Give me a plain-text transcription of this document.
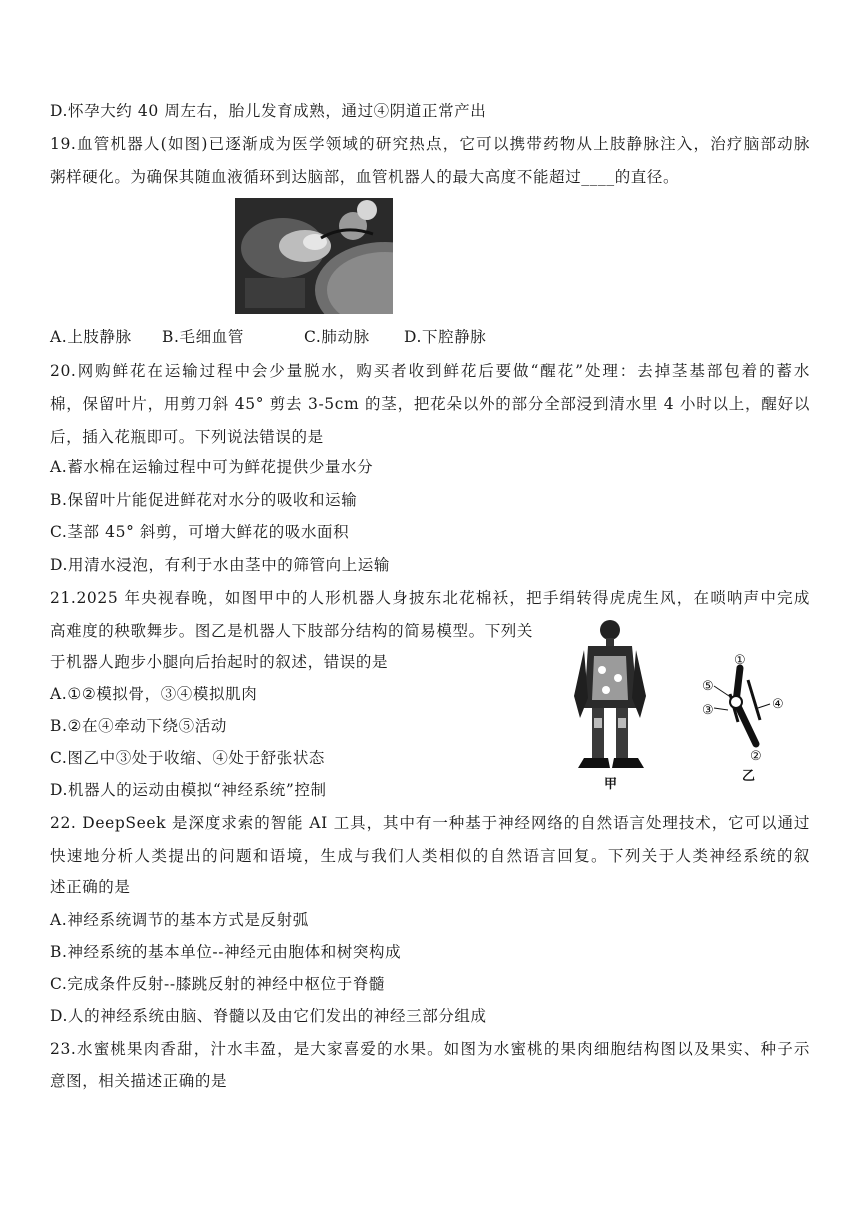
D.怀孕大约 40 周左右，胎儿发育成熟，通过④阴道正常产出
19.血管机器人(如图)已逐渐成为医学领域的研究热点，它可以携带药物从上肢静脉注入，治疗脑部动脉
粥样硬化。为确保其随血液循环到达脑部，血管机器人的最大高度不能超过____的直径。
A.上肢静脉 B.毛细血管	C.肺动脉 D.下腔静脉
20.网购鲜花在运输过程中会少量脱水，购买者收到鲜花后要做“醒花”处理：去掉茎基部包着的蓄水
棉，保留叶片，用剪刀斜 45° 剪去 3-5cm 的茎，把花朵以外的部分全部浸到清水里 4 小时以上，醒好以
后，插入花瓶即可。下列说法错误的是
A.蓄水棉在运输过程中可为鲜花提供少量水分
B.保留叶片能促进鲜花对水分的吸收和运输
C.茎部 45° 斜剪，可增大鲜花的吸水面积
D.用清水浸泡，有利于水由茎中的筛管向上运输
21.2025 年央视春晚，如图甲中的人形机器人身披东北花棉袄，把手绢转得虎虎生风，在唢呐声中完成
高难度的秧歌舞步。图乙是机器人下肢部分结构的简易模型。下列关
于机器人跑步小腿向后抬起时的叙述，错误的是
A.①②模拟骨，③④模拟肌肉
B.②在④牵动下绕⑤活动
C.图乙中③处于收缩、④处于舒张状态
D.机器人的运动由模拟“神经系统”控制	甲
①
⑤
③	④
②
乙
22. DeepSeek 是深度求索的智能 AI 工具，其中有一种基于神经网络的自然语言处理技术，它可以通过
快速地分析人类提出的问题和语境，生成与我们人类相似的自然语言回复。下列关于人类神经系统的叙
述正确的是
A.神经系统调节的基本方式是反射弧
B.神经系统的基本单位--神经元由胞体和树突构成
C.完成条件反射--膝跳反射的神经中枢位于脊髓
D.人的神经系统由脑、脊髓以及由它们发出的神经三部分组成
23.水蜜桃果肉香甜，汁水丰盈，是大家喜爱的水果。如图为水蜜桃的果肉细胞结构图以及果实、种子示
意图，相关描述正确的是
